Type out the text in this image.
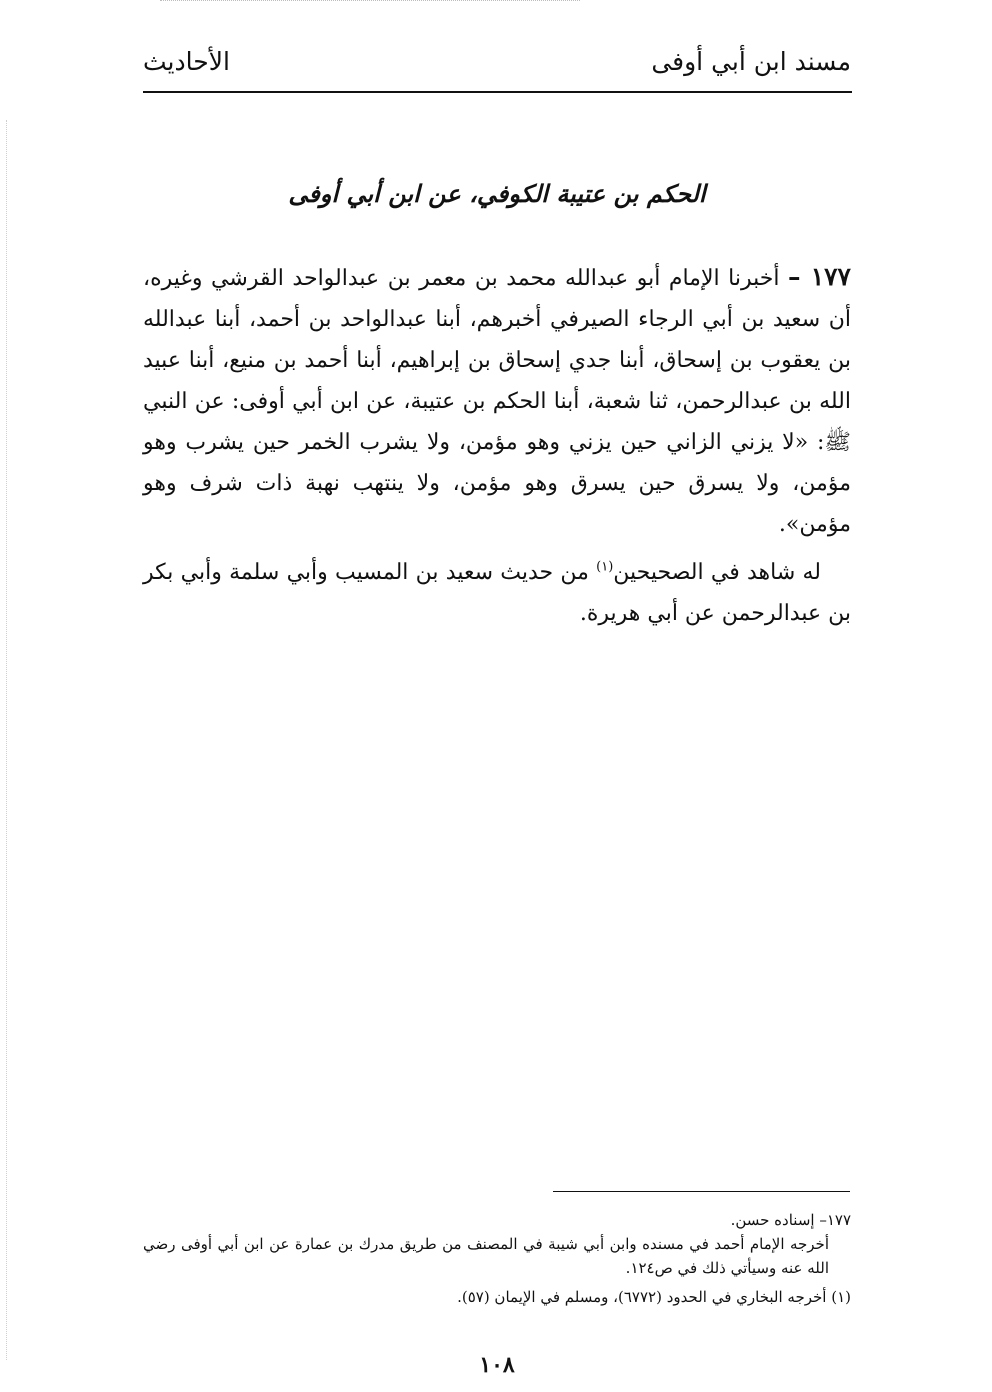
مسند ابن أبي أوفى
الأحاديث
الحكم بن عتيبة الكوفي، عن ابن أبي أوفى

١٧٧ – أخبرنا الإمام أبو عبدالله محمد بن معمر بن عبدالواحد القرشي وغيره، أن سعيد بن أبي الرجاء الصيرفي أخبرهم، أبنا عبدالواحد بن أحمد، أبنا عبدالله بن يعقوب بن إسحاق، أبنا جدي إسحاق بن إبراهيم، أبنا أحمد بن منيع، أبنا عبيد الله بن عبدالرحمن، ثنا شعبة، أبنا الحكم بن عتيبة، عن ابن أبي أوفى: عن النبي ﷺ: «لا يزني الزاني حين يزني وهو مؤمن، ولا يشرب الخمر حين يشرب وهو مؤمن، ولا يسرق حين يسرق وهو مؤمن، ولا ينتهب نهبة ذات شرف وهو مؤمن».

له شاهد في الصحيحين$^{(١)}$ من حديث سعيد بن المسيب وأبي سلمة وأبي بكر بن عبدالرحمن عن أبي هريرة.

١٧٧– إسناده حسن.

أخرجه الإمام أحمد في مسنده وابن أبي شيبة في المصنف من طريق مدرك بن عمارة عن ابن أبي أوفى رضي الله عنه وسيأتي ذلك في ص١٢٤.

(١) أخرجه البخاري في الحدود (٦٧٧٢)، ومسلم في الإيمان (٥٧).

١٠٨
